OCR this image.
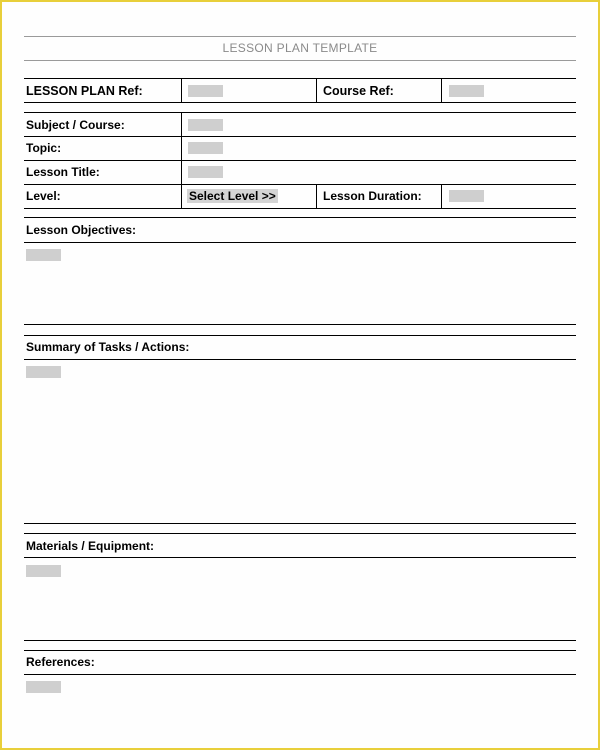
LESSON PLAN TEMPLATE
LESSON PLAN Ref:	Course Ref:
Subject / Course:
Topic:
Lesson Title:
Level:	Select Level >>	Lesson Duration:
Lesson Objectives:
Summary of Tasks / Actions:
Materials / Equipment:
References:
